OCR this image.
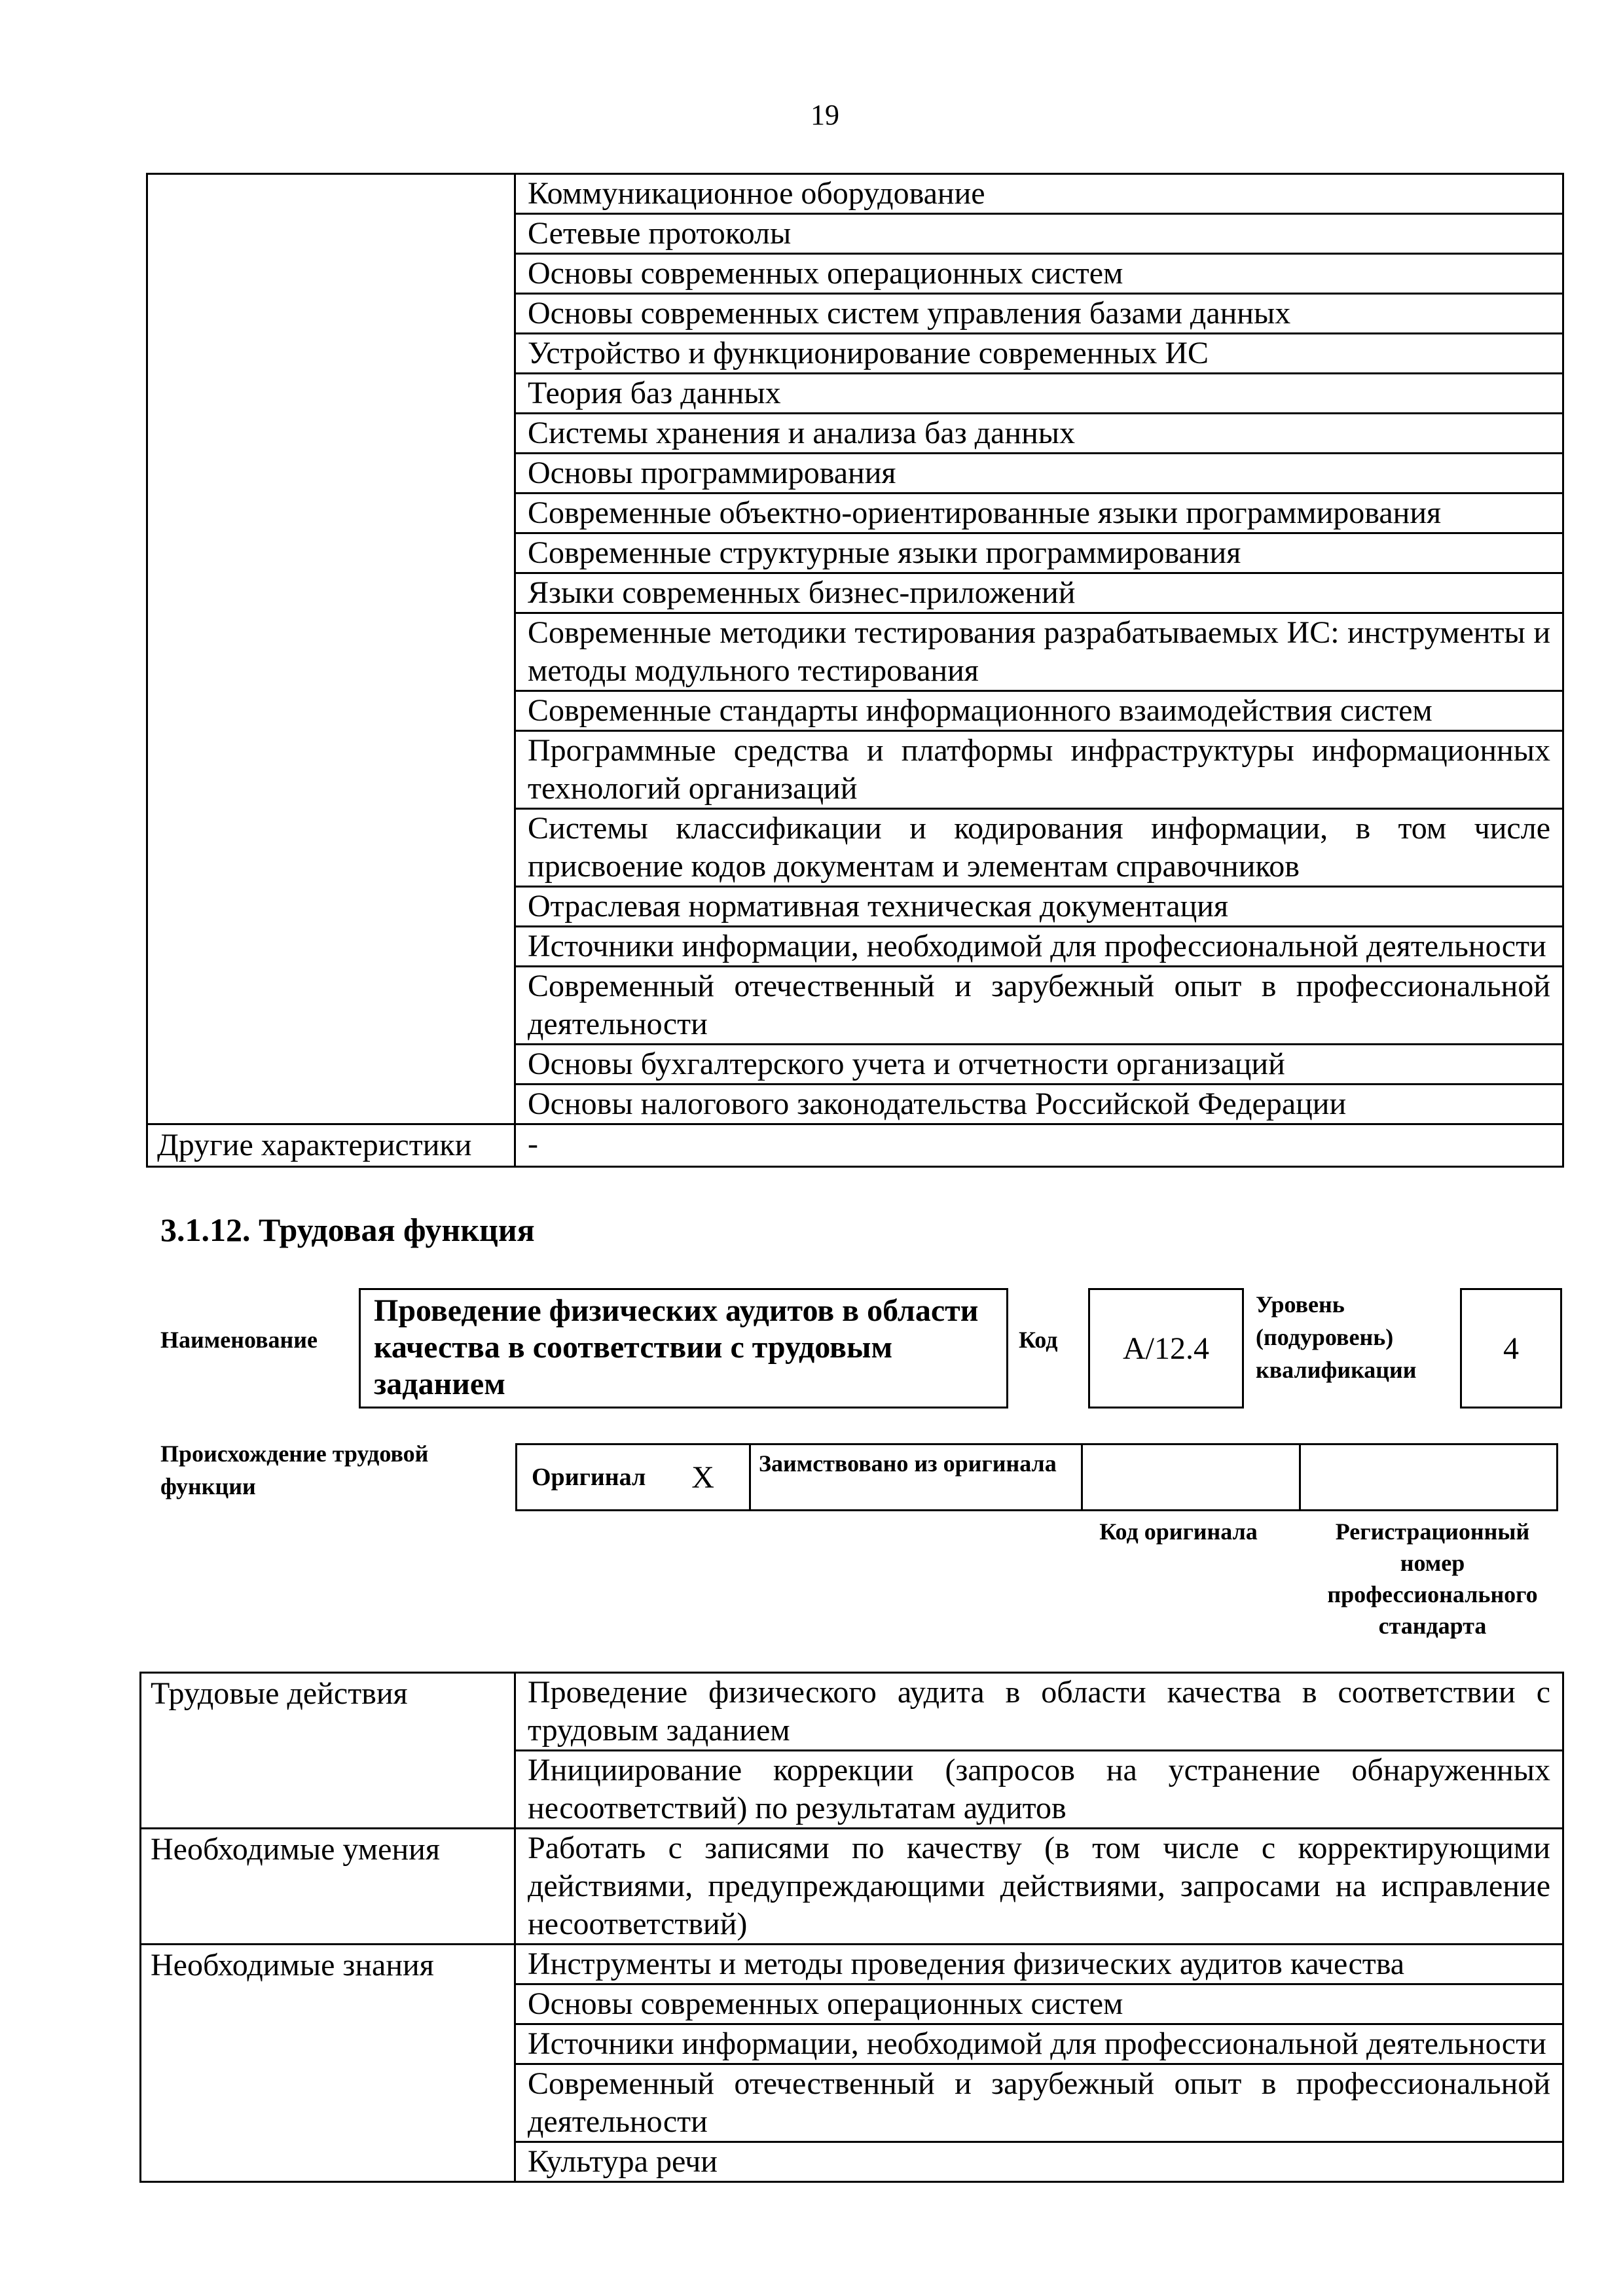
19
	Коммуникационное оборудование
	Сетевые протоколы
	Основы современных операционных систем
	Основы современных систем управления базами данных
	Устройство и функционирование современных ИС
	Теория баз данных
	Системы хранения и анализа баз данных
	Основы программирования
	Современные объектно-ориентированные языки программирования
	Современные структурные языки программирования
	Языки современных бизнес-приложений
	Современные методики тестирования разрабатываемых ИС: инструменты и методы модульного тестирования
	Современные стандарты информационного взаимодействия систем
	Программные средства и платформы инфраструктуры информационных технологий организаций
	Системы классификации и кодирования информации, в том числе присвоение кодов документам и элементам справочников
	Отраслевая нормативная техническая документация
	Источники информации, необходимой для профессиональной деятельности
	Современный отечественный и зарубежный опыт в профессиональной деятельности
	Основы бухгалтерского учета и отчетности организаций
	Основы налогового законодательства Российской Федерации
Другие характеристики	-
3.1.12. Трудовая функция
Наименование
Проведение физических аудитов в области качества в соответствии с трудовым заданием
Код A/12.4
Уровень (подуровень) квалификации
4
Происхождение трудовой функции	Оригинал X	Заимствовано из оригинала
Код оригинала	Регистрационный номер профессионального стандарта
Трудовые действия	Проведение физического аудита в области качества в соответствии с трудовым заданием
	Инициирование коррекции (запросов на устранение обнаруженных несоответствий) по результатам аудитов
Необходимые умения	Работать с записями по качеству (в том числе с корректирующими действиями, предупреждающими действиями, запросами на исправление несоответствий)
Необходимые знания	Инструменты и методы проведения физических аудитов качества
	Основы современных операционных систем
	Источники информации, необходимой для профессиональной деятельности
	Современный отечественный и зарубежный опыт в профессиональной деятельности
	Культура речи
